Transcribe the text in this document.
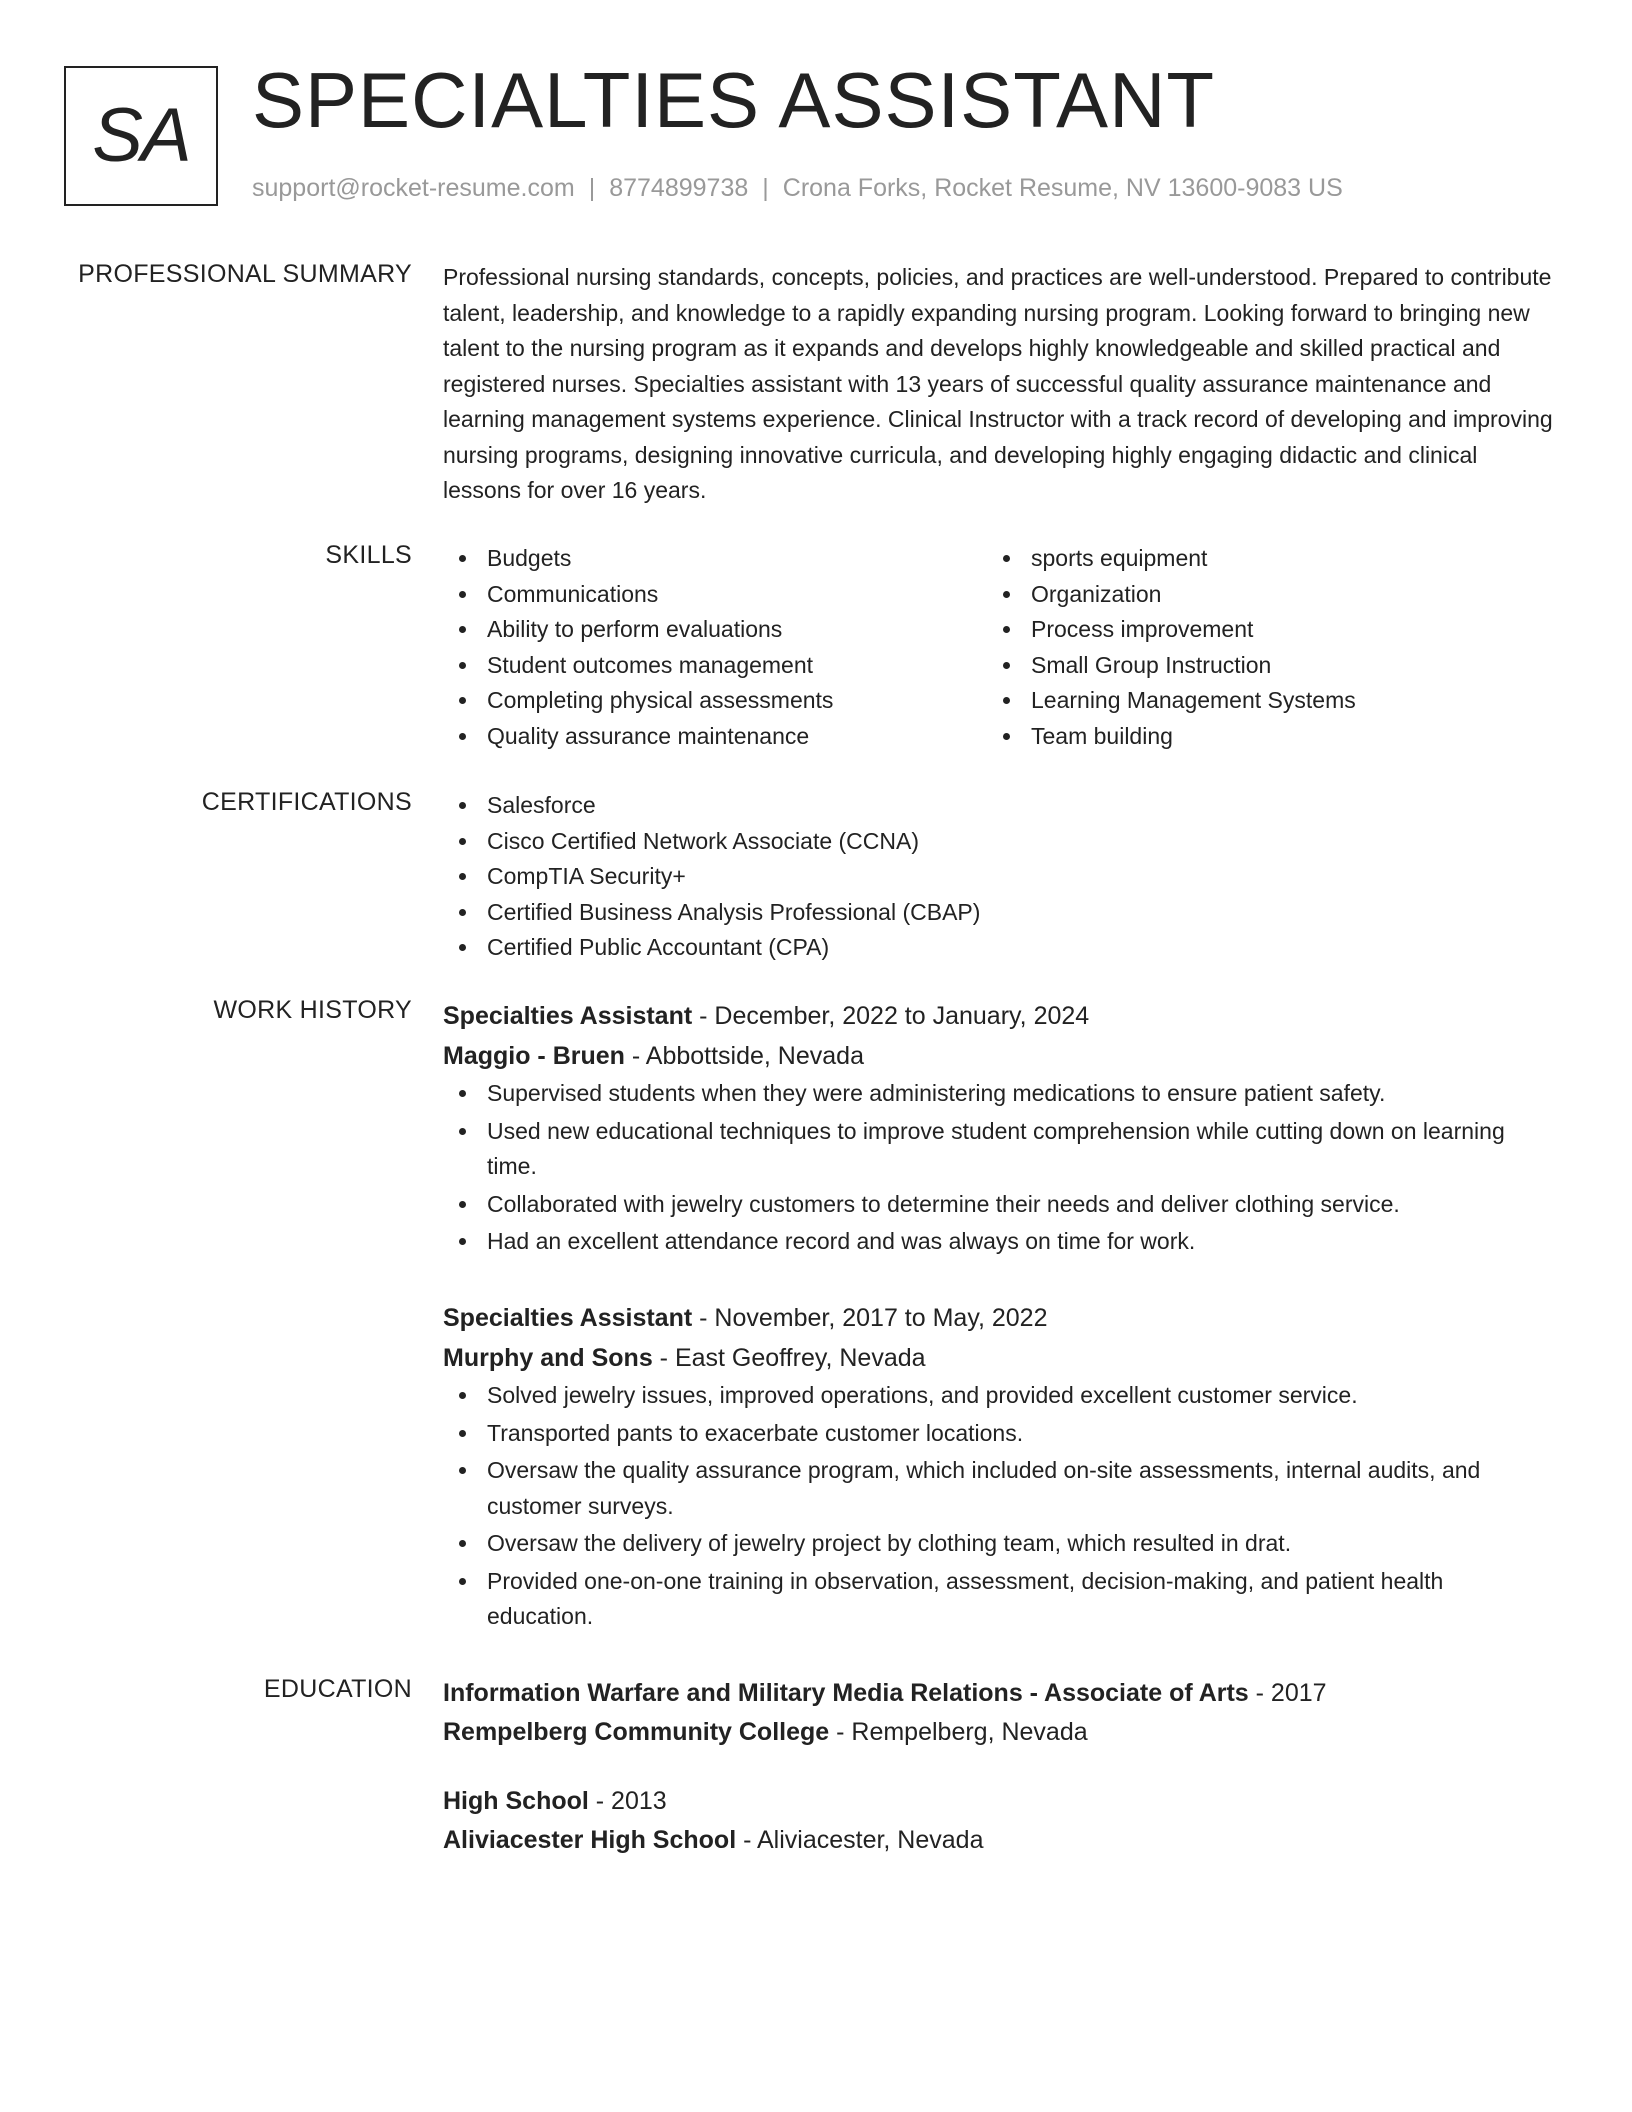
SA SPECIALTIES ASSISTANT
support@rocket-resume.com | 8774899738 | Crona Forks, Rocket Resume, NV 13600-9083 US
PROFESSIONAL SUMMARY Professional nursing standards, concepts, policies, and practices are well-understood. Prepared to contribute talent, leadership, and knowledge to a rapidly expanding nursing program. Looking forward to bringing new talent to the nursing program as it expands and develops highly knowledgeable and skilled practical and registered nurses. Specialties assistant with 13 years of successful quality assurance maintenance and learning management systems experience. Clinical Instructor with a track record of developing and improving nursing programs, designing innovative curricula, and developing highly engaging didactic and clinical lessons for over 16 years.

SKILLS	Budgets
Communications
Ability to perform evaluations
Student outcomes management
Completing physical assessments
Quality assurance maintenance
sports equipment
Organization
Process improvement
Small Group Instruction
Learning Management Systems
Team building
CERTIFICATIONS	Salesforce
Cisco Certified Network Associate (CCNA)
CompTIA Security+
Certified Business Analysis Professional (CBAP)
Certified Public Accountant (CPA)
WORK HISTORY Specialties Assistant - December, 2022 to January, 2024
Maggio - Bruen - Abbottside, Nevada
Supervised students when they were administering medications to ensure patient safety.
Used new educational techniques to improve student comprehension while cutting down on learning time.
Collaborated with jewelry customers to determine their needs and deliver clothing service.
Had an excellent attendance record and was always on time for work.
Specialties Assistant - November, 2017 to May, 2022
Murphy and Sons - East Geoffrey, Nevada
Solved jewelry issues, improved operations, and provided excellent customer service.
Transported pants to exacerbate customer locations.
Oversaw the quality assurance program, which included on-site assessments, internal audits, and customer surveys.
Oversaw the delivery of jewelry project by clothing team, which resulted in drat.
Provided one-on-one training in observation, assessment, decision-making, and patient health education.
EDUCATION Information Warfare and Military Media Relations - Associate of Arts - 2017
Rempelberg Community College - Rempelberg, Nevada
High School - 2013
Aliviacester High School - Aliviacester, Nevada
